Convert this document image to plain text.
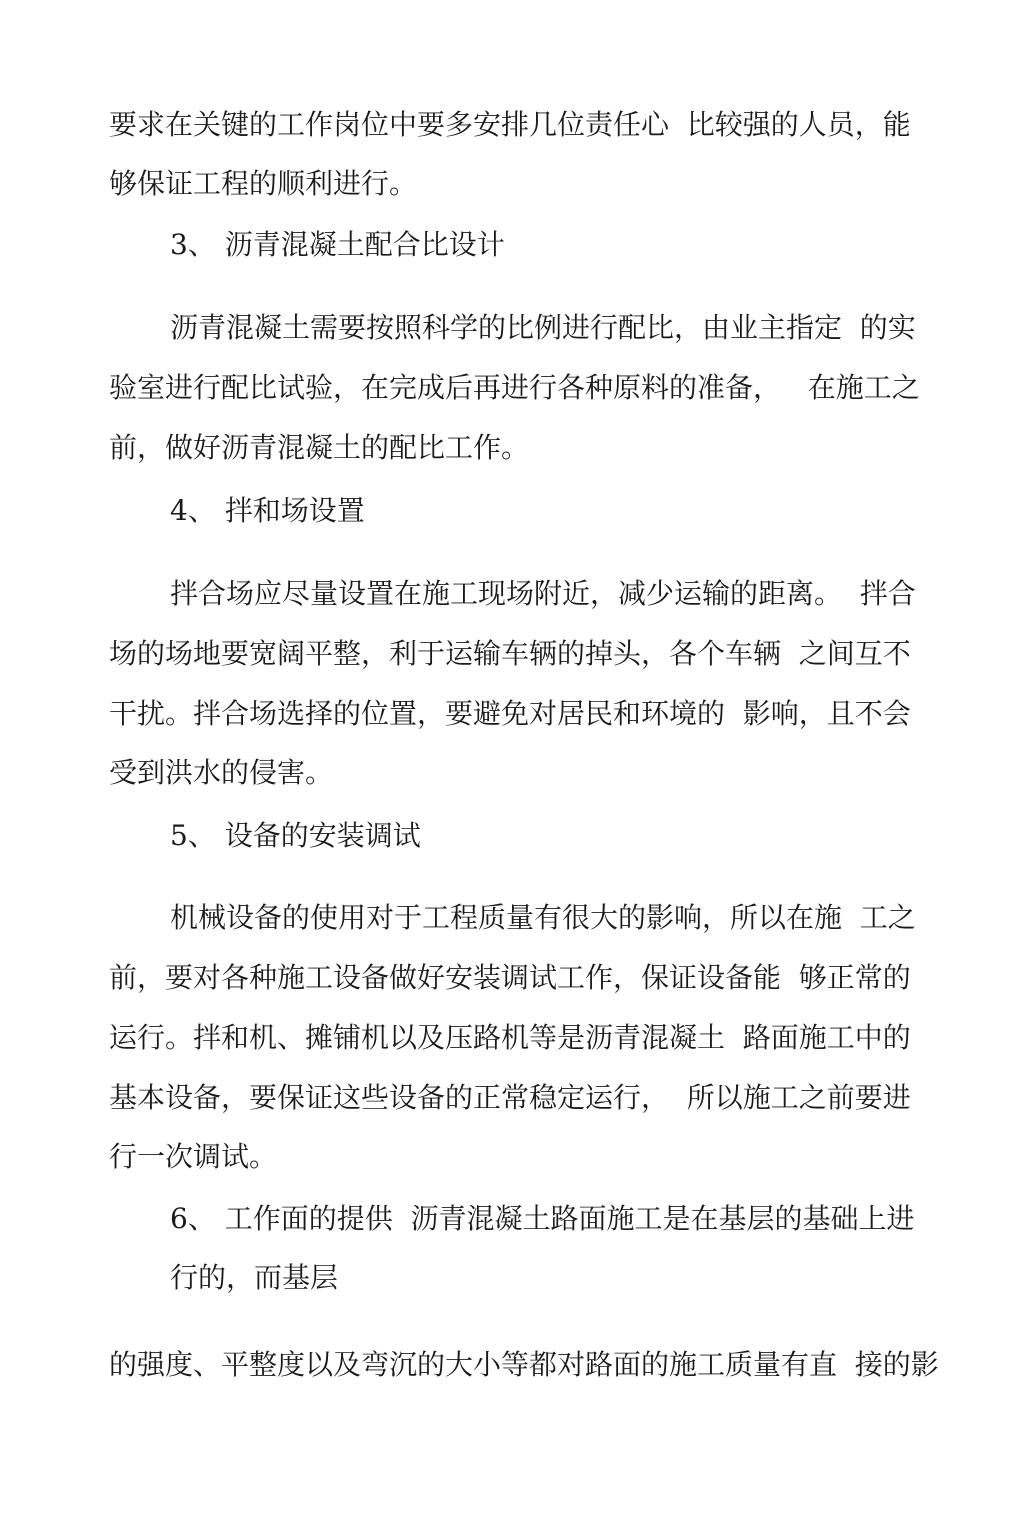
要求在关键的工作岗位中要多安排几位责任心  比较强的人员，能
够保证工程的顺利进行。
3、 沥青混凝土配合比设计
沥青混凝土需要按照科学的比例进行配比，由业主指定  的实
验室进行配比试验，在完成后再进行各种原料的准备，   在施工之
前，做好沥青混凝土的配比工作。
4、 拌和场设置
拌合场应尽量设置在施工现场附近，减少运输的距离。  拌合
场的场地要宽阔平整，利于运输车辆的掉头，各个车辆  之间互不
干扰。拌合场选择的位置，要避免对居民和环境的  影响，且不会
受到洪水的侵害。
5、 设备的安装调试
机械设备的使用对于工程质量有很大的影响，所以在施  工之
前，要对各种施工设备做好安装调试工作，保证设备能  够正常的
运行。拌和机、摊铺机以及压路机等是沥青混凝土  路面施工中的
基本设备，要保证这些设备的正常稳定运行，  所以施工之前要进
行一次调试。
6、 工作面的提供  沥青混凝土路面施工是在基层的基础上进
行的，而基层
的强度、平整度以及弯沉的大小等都对路面的施工质量有直  接的影
